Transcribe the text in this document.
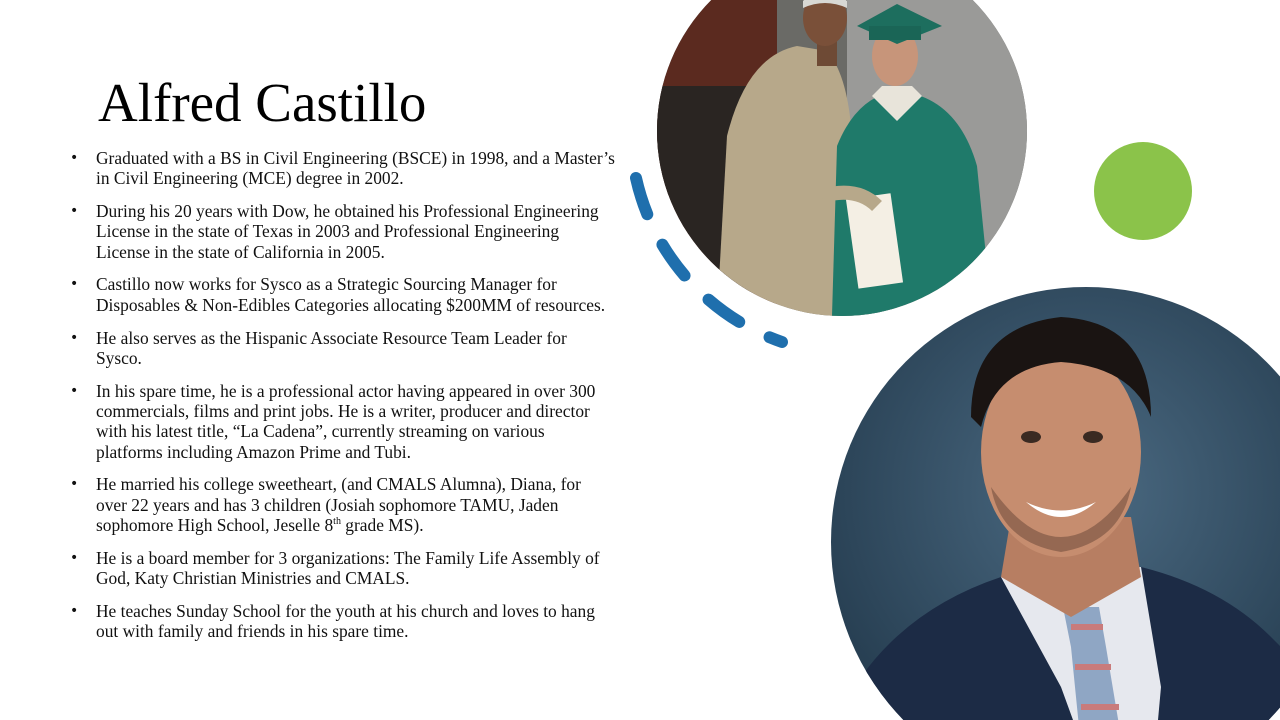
Alfred Castillo
• Graduated with a BS in Civil Engineering (BSCE) in 1998, and a Master’s in Civil Engineering (MCE) degree in 2002.
• During his 20 years with Dow, he obtained his Professional Engineering License in the state of Texas in 2003 and Professional Engineering License in the state of California in 2005.
• Castillo now works for Sysco as a Strategic Sourcing Manager for Disposables & Non-Edibles Categories allocating $200MM of resources.
• He also serves as the Hispanic Associate Resource Team Leader for Sysco.
• In his spare time, he is a professional actor having appeared in over 300 commercials, films and print jobs. He is a writer, producer and director with his latest title, “La Cadena”, currently streaming on various platforms including Amazon Prime and Tubi.
• He married his college sweetheart, (and CMALS Alumna), Diana, for over 22 years and has 3 children (Josiah sophomore TAMU, Jaden sophomore High School, Jeselle 8th grade MS).
• He is a board member for 3 organizations: The Family Life Assembly of God, Katy Christian Ministries and CMALS.
• He teaches Sunday School for the youth at his church and loves to hang out with family and friends in his spare time.
